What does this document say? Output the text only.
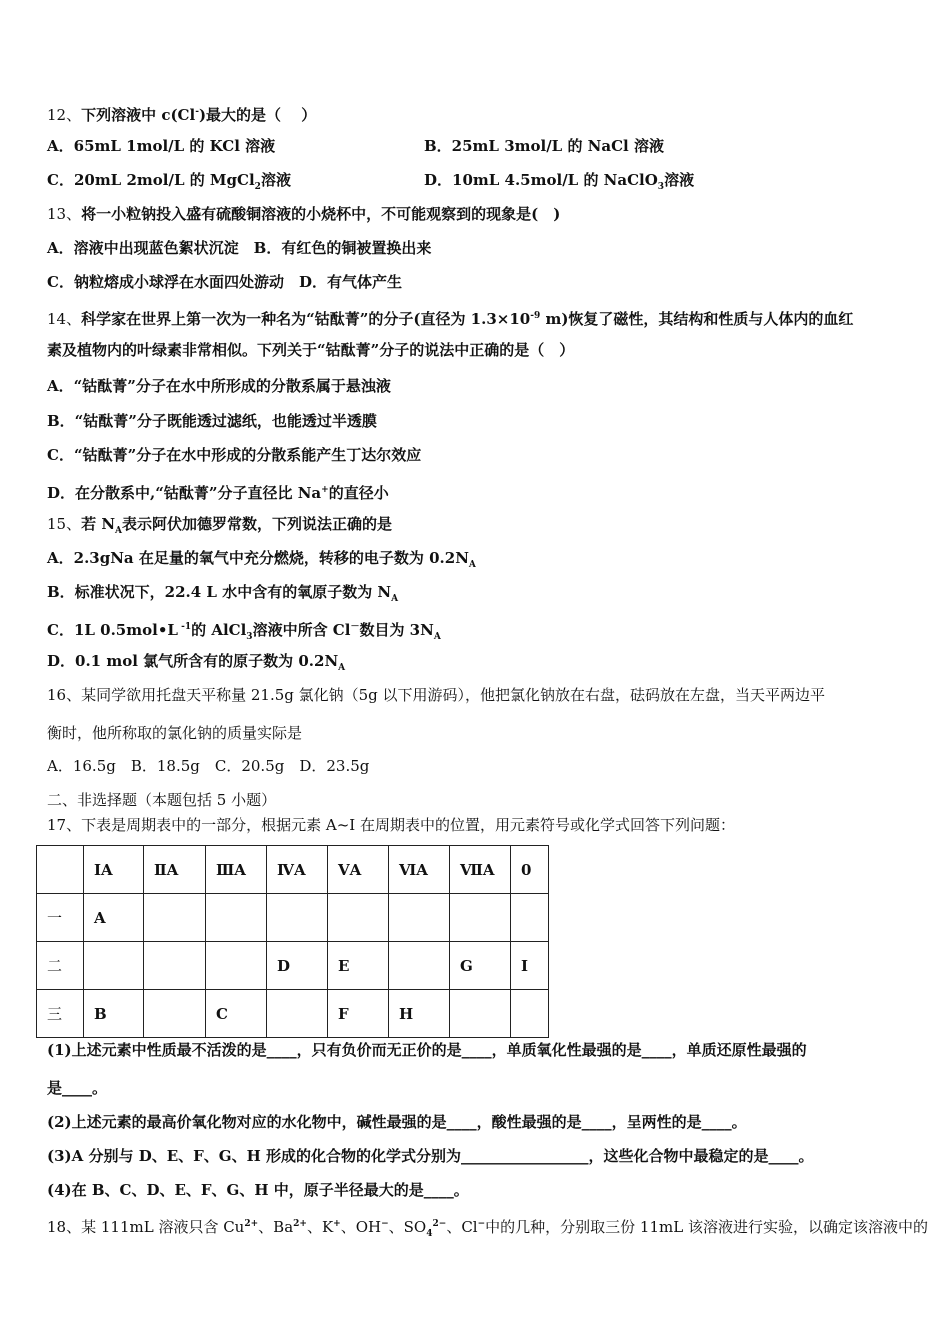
	ⅠA	ⅡA	ⅢA	ⅣA	ⅤA	ⅥA	ⅦA	0
一	A							
二				D	E		G	I
三	B		C		F	H		
12、下列溶液中 c(Cl-)最大的是（　 ）
A．65mL 1mol/L 的 KCl 溶液	B．25mL 3mol/L 的 NaCl 溶液
C．20mL 2mol/L 的 MgCl$_2$溶液	D．10mL 4.5mol/L 的 NaClO$_3$溶液
13、将一小粒钠投入盛有硫酸铜溶液的小烧杯中，不可能观察到的现象是(　)
A．溶液中出现蓝色絮状沉淀　B．有红色的铜被置换出来
C．钠粒熔成小球浮在水面四处游动　D．有气体产生
14、科学家在世界上第一次为一种名为“钴酞菁”的分子(直径为 $1.3\times 10^{-9}$ m)恢复了磁性，其结构和性质与人体内的血红
素及植物内的叶绿素非常相似。下列关于“钴酞菁”分子的说法中正确的是（　）
A．“钴酞菁”分子在水中所形成的分散系属于悬浊液
B．“钴酞菁”分子既能透过滤纸，也能透过半透膜
C．“钴酞菁”分子在水中形成的分散系能产生丁达尔效应
D．在分散系中,“钴酞菁”分子直径比 Na+的直径小
15、若 $N_A$表示阿伏加德罗常数，下列说法正确的是
A．2.3gNa 在足量的氧气中充分燃烧，转移的电子数为 $0.2N_A$
B．标准状况下，22.4 L 水中含有的氧原子数为 $N_A$
C．1L 0.5mol•L $^{-1}$的 AlCl$_3$溶液中所含 Cl－数目为 $3N_A$
D．0.1 mol 氯气所含有的原子数为 $0.2N_A$
16、某同学欲用托盘天平称量 21.5g 氯化钠（5g 以下用游码），他把氯化钠放在右盘，砝码放在左盘，当天平两边平
衡时，他所称取的氯化钠的质量实际是
A．16.5g　B．18.5g　C．20.5g　D．23.5g
二、非选择题（本题包括 5 小题）
17、下表是周期表中的一部分，根据元素 A~I 在周期表中的位置，用元素符号或化学式回答下列问题：
(1)上述元素中性质最不活泼的是____，只有负价而无正价的是____，单质氧化性最强的是____，单质还原性最强的
是____。
(2)上述元素的最高价氧化物对应的水化物中，碱性最强的是____，酸性最强的是____，呈两性的是____。
(3)A 分别与 D、E、F、G、H 形成的化合物的化学式分别为_________________，这些化合物中最稳定的是____。
(4)在 B、C、D、E、F、G、H 中，原子半径最大的是____。
18、某 111mL 溶液只含 $Cu^{2+}$、$Ba^{2+}$、K+、OH−、$SO_4^{2-}$、Cl−中的几种，分别取三份 11mL 该溶液进行实验，以确定该溶液中的
